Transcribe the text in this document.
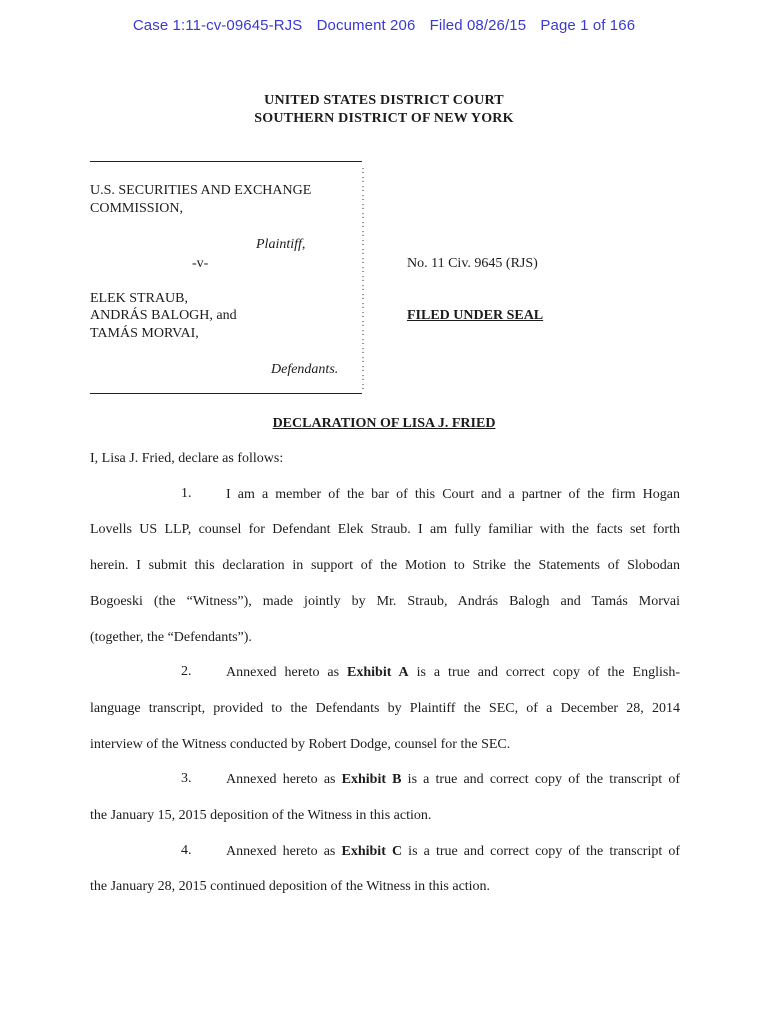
Case 1:11-cv-09645-RJS Document 206 Filed 08/26/15 Page 1 of 166
UNITED STATES DISTRICT COURT
SOUTHERN DISTRICT OF NEW YORK
:
:
:
:
:
:
:
:
:
:
:
:
:
:
:
:
:
:
:
:
:
:
:
:
:
U.S. SECURITIES AND EXCHANGE
COMMISSION,
Plaintiff,
-v-
ELEK STRAUB,
ANDRÁS BALOGH, and
TAMÁS MORVAI,
Defendants.
No. 11 Civ. 9645 (RJS)
FILED UNDER SEAL
DECLARATION OF LISA J. FRIED
I, Lisa J. Fried, declare as follows:
1. I am a member of the bar of this Court and a partner of the firm Hogan
Lovells US LLP, counsel for Defendant Elek Straub. I am fully familiar with the facts set forth
herein. I submit this declaration in support of the Motion to Strike the Statements of Slobodan
Bogoeski (the “Witness”), made jointly by Mr. Straub, András Balogh and Tamás Morvai
(together, the “Defendants”).
2. Annexed hereto as Exhibit A is a true and correct copy of the English-
language transcript, provided to the Defendants by Plaintiff the SEC, of a December 28, 2014
interview of the Witness conducted by Robert Dodge, counsel for the SEC.
3. Annexed hereto as Exhibit B is a true and correct copy of the transcript of
the January 15, 2015 deposition of the Witness in this action.
4. Annexed hereto as Exhibit C is a true and correct copy of the transcript of
the January 28, 2015 continued deposition of the Witness in this action.
